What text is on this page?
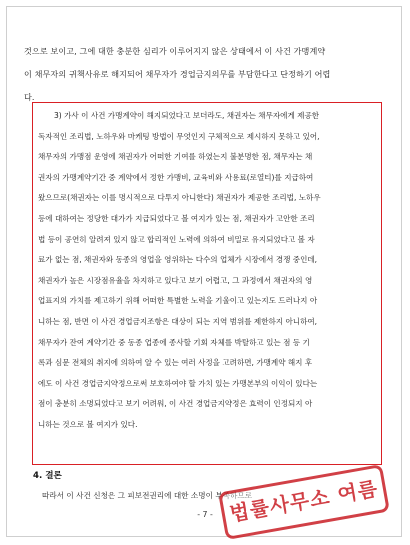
것으로 보이고, 그에 대한 충분한 심리가 이루어지지 않은 상태에서 이 사건 가맹계약

이 채무자의 귀책사유로 해지되어 채무자가 경업금지의무를 부담한다고 단정하기 어렵

다.

3) 가사 이 사건 가맹계약이 해지되었다고 보더라도, 채권자는 채무자에게 제공한
독자적인 조리법, 노하우와 마케팅 방법이 무엇인지 구체적으로 제시하지 못하고 있어,
채무자의 가맹점 운영에 채권자가 어떠한 기여를 하였는지 불분명한 점, 채무자는 채
권자의 가맹계약기간 중 계약에서 정한 가맹비, 교육비와 사용료(로열티)를 지급하여
왔으므로(채권자는 이를 명시적으로 다투지 아니한다) 채권자가 제공한 조리법, 노하우
등에 대하여는 정당한 대가가 지급되었다고 볼 여지가 있는 점, 채권자가 고안한 조리
법 등이 공연히 알려져 있지 않고 합리적인 노력에 의하여 비밀로 유지되었다고 볼 자
료가 없는 점, 채권자와 동종의 영업을 영위하는 다수의 업체가 시장에서 경쟁 중인데,
채권자가 높은 시장점유율을 차지하고 있다고 보기 어렵고, 그 과정에서 채권자의 영
업표지의 가치를 제고하기 위해 어떠한 특별한 노력을 기울이고 있는지도 드러나지 아
니하는 점, 반면 이 사건 경업금지조항은 대상이 되는 지역 범위를 제한하지 아니하여,
채무자가 잔여 계약기간 중 동종 업종에 종사할 기회 자체를 박탈하고 있는 점 등 기
록과 심문 전체의 취지에 의하여 알 수 있는 여러 사정을 고려하면, 가맹계약 해지 후
에도 이 사건 경업금지약정으로써 보호하여야 할 가치 있는 가맹본부의 이익이 있다는
점이 충분히 소명되었다고 보기 어려워, 이 사건 경업금지약정은 효력이 인정되지 아
니하는 것으로 볼 여지가 있다.
4. 결론
따라서 이 사건 신청은 그 피보전권리에 대한 소명이 부족하므로
- 7 - 법률사무소 여름
